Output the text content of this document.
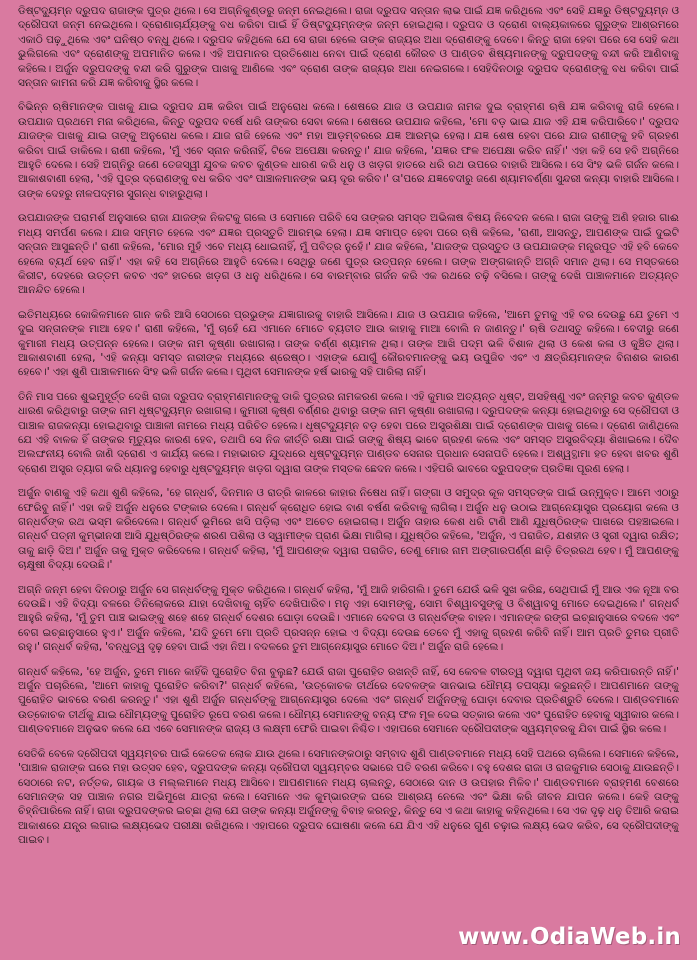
ଡିଷ୍ଟଦ୍ୟୁମ୍ନ ଦ୍ରୁପଦ ରାଜାଙ୍କ ପୁତ୍ର ଥିଲେ। ସେ ଅଗ୍ନିକୁଣ୍ଡରୁ ଜନ୍ମ ନେଇଥିଲେ। ରାଜା ଦ୍ରୁପଦ ସନ୍ତାନ ଲାଭ ପାଇଁ ଯଜ୍ଞ କରିଥିଲେ ଏବଂ ସେହି ଯଜ୍ଞରୁ ଡିଷ୍ଟଦ୍ୟୁମ୍ନ ଓ ଦ୍ରୌପଦୀ ଜନ୍ମ ନେଇଥିଲେ। ଦ୍ରୋଣାଚାର୍ଯ୍ୟଙ୍କୁ ବଧ କରିବା ପାଇଁ ହିଁ ଡିଷ୍ଟଦ୍ୟୁମ୍ନଙ୍କ ଜନ୍ମ ହୋଇଥିଲା। ଦ୍ରୁପଦ ଓ ଦ୍ରୋଣ ବାଲ୍ୟକାଳରେ ଗୁରୁଙ୍କ ଆଶ୍ରମରେ ଏକାଠି ପଢ଼ୁଥିଲେ ଏବଂ ଘନିଷ୍ଠ ବନ୍ଧୁ ଥିଲେ। ଦ୍ରୁପଦ କହିଥିଲେ ଯେ ସେ ରାଜା ହେଲେ ତାଙ୍କ ରାଜ୍ୟର ଅଧା ଦ୍ରୋଣଙ୍କୁ ଦେବେ। କିନ୍ତୁ ରାଜା ହେବା ପରେ ସେ ସେହି କଥା ଭୁଲିଗଲେ ଏବଂ ଦ୍ରୋଣଙ୍କୁ ଅପମାନିତ କଲେ। ଏହି ଅପମାନର ପ୍ରତିଶୋଧ ନେବା ପାଇଁ ଦ୍ରୋଣ କୌରବ ଓ ପାଣ୍ଡବ ଶିଷ୍ୟମାନଙ୍କୁ ଦ୍ରୁପଦଙ୍କୁ ବନ୍ଦୀ କରି ଆଣିବାକୁ କହିଲେ। ଅର୍ଜୁନ ଦ୍ରୁପଦଙ୍କୁ ବନ୍ଦୀ କରି ଗୁରୁଙ୍କ ପାଖକୁ ଆଣିଲେ ଏବଂ ଦ୍ରୋଣ ତାଙ୍କ ରାଜ୍ୟର ଅଧା ନେଇଗଲେ। ସେହିଦିନଠାରୁ ଦ୍ରୁପଦ ଦ୍ରୋଣଙ୍କୁ ବଧ କରିବା ପାଇଁ ସନ୍ତାନ କାମନା କରି ଯଜ୍ଞ କରିବାକୁ ସ୍ଥିର କଲେ।

ବିଭିନ୍ନ ଋଷିମାନଙ୍କ ପାଖକୁ ଯାଇ ଦ୍ରୁପଦ ଯଜ୍ଞ କରିବା ପାଇଁ ଅନୁରୋଧ କଲେ। ଶେଷରେ ଯାଜ ଓ ଉପଯାଜ ନାମକ ଦୁଇ ବ୍ରାହ୍ମଣ ଋଷି ଯଜ୍ଞ କରିବାକୁ ରାଜି ହେଲେ। ଉପଯାଜ ପ୍ରଥମେ ମନା କରିଥିଲେ, କିନ୍ତୁ ଦ୍ରୁପଦ ବର୍ଷେ ଧରି ତାଙ୍କର ସେବା କଲେ। ଶେଷରେ ଉପଯାଜ କହିଲେ, 'ମୋ ବଡ଼ ଭାଇ ଯାଜ ଏହି ଯଜ୍ଞ କରିପାରିବେ।' ଦ୍ରୁପଦ ଯାଜଙ୍କ ପାଖକୁ ଯାଇ ତାଙ୍କୁ ଅନୁରୋଧ କଲେ। ଯାଜ ରାଜି ହେଲେ ଏବଂ ମହା ଆଡ଼ମ୍ବରରେ ଯଜ୍ଞ ଆରମ୍ଭ ହେଲା। ଯଜ୍ଞ ଶେଷ ହେବା ପରେ ଯାଜ ରାଣୀଙ୍କୁ ହବି ଗ୍ରହଣ କରିବା ପାଇଁ ଡାକିଲେ। ରାଣୀ କହିଲେ, 'ମୁଁ ଏବେ ସ୍ନାନ କରିନାହିଁ, ଟିକେ ଅପେକ୍ଷା କରନ୍ତୁ।' ଯାଜ କହିଲେ, 'ଯଜ୍ଞର ଫଳ ଅପେକ୍ଷା କରିବ ନାହିଁ।' ଏହା କହି ସେ ହବି ଅଗ୍ନିରେ ଆହୁତି ଦେଲେ। ସେହି ଅଗ୍ନିରୁ ଜଣେ ତେଜସ୍ୱୀ ଯୁବକ କବଚ କୁଣ୍ଡଳ ଧାରଣ କରି ଧନୁ ଓ ଖଡ଼ଗ ହାତରେ ଧରି ରଥ ଉପରେ ବାହାରି ଆସିଲେ। ସେ ସିଂହ ଭଳି ଗର୍ଜନ କଲେ। ଆକାଶବାଣୀ ହେଲା, 'ଏହି ପୁତ୍ର ଦ୍ରୋଣଙ୍କୁ ବଧ କରିବ ଏବଂ ପାଞ୍ଚାଳମାନଙ୍କ ଭୟ ଦୂର କରିବ।' ତା'ପରେ ଯଜ୍ଞବେଦୀରୁ ଜଣେ ଶ୍ୟାମବର୍ଣ୍ଣା ସୁନ୍ଦରୀ କନ୍ୟା ବାହାରି ଆସିଲେ। ତାଙ୍କ ଦେହରୁ ନୀଳପଦ୍ମର ସୁଗନ୍ଧ ବାହାରୁଥିଲା।

ଉପଯାଜଙ୍କ ପରାମର୍ଶ ଅନୁସାରେ ରାଜା ଯାଜଙ୍କ ନିକଟକୁ ଗଲେ ଓ ସେମାନେ ପରିବି ସେ ତାଙ୍କର ସମସ୍ତ ଅଭିଳାଷ ବିଷୟ ନିବେଦନ କଲେ। ରାଜା ତାଙ୍କୁ ଅଣି ହଜାର ଗାଈ ମଧ୍ୟ ସମର୍ପଣ କଲେ। ଯାଜ ସମ୍ମତ ହେଲେ ଏବଂ ଯଜ୍ଞର ପ୍ରସ୍ତୁତି ଆରମ୍ଭ ହେଲା। ଯଜ୍ଞ ସମାପ୍ତ ହେବା ପରେ ଋଷି କହିଲେ, 'ରାଣୀ, ଆସନ୍ତୁ, ଆପଣଙ୍କ ପାଇଁ ଦୁଇଟି ସନ୍ତାନ ଆସୁଛନ୍ତି।' ରାଣୀ କହିଲେ, 'ମୋର ମୁହଁ ଏବେ ମଧ୍ୟ ଧୋଇନାହିଁ, ମୁଁ ପବିତ୍ର ନୁହେଁ।' ଯାଜ କହିଲେ, 'ଯାଜଙ୍କ ପ୍ରସ୍ତୁତ ଓ ଉପଯାଜଙ୍କ ମନ୍ତ୍ରପୂତ ଏହି ହବି କେବେ ହେଲେ ବ୍ୟର୍ଥ ହେବ ନାହିଁ।' ଏହା କହି ସେ ଅଗ୍ନିରେ ଆହୁତି ଦେଲେ। ସେଥିରୁ ଜଣେ ପୁତ୍ର ଉତ୍ପନ୍ନ ହେଲେ। ତାଙ୍କ ଅଙ୍ଗକାନ୍ତି ଅଗ୍ନି ସମାନ ଥିଲା। ସେ ମସ୍ତକରେ କିରୀଟ, ଦେହରେ ଉତ୍ତମ କବଚ ଏବଂ ହାତରେ ଖଡ଼ଗ ଓ ଧନୁ ଧରିଥିଲେ। ସେ ବାରମ୍ବାର ଗର୍ଜନ କରି ଏକ ରଥରେ ଚଢ଼ି ବସିଲେ। ତାଙ୍କୁ ଦେଖି ପାଞ୍ଚାଳମାନେ ଅତ୍ୟନ୍ତ ଆନନ୍ଦିତ ହେଲେ।

ଇତିମଧ୍ୟରେ କୋକିଳମାନେ ଗାନ କରି ଆସି ସେଠାରେ ପ୍ରଭୁଙ୍କ ଯଜ୍ଞାଗାରକୁ ବାହାରି ଆସିଲେ। ଯାଜ ଓ ଉପଯାଜ କହିଲେ, 'ଆମେ ତୁମକୁ ଏହି ବର ଦେଉଛୁ ଯେ ତୁମେ ଏ ଦୁଇ ସନ୍ତାନଙ୍କ ମାଆ ହେବ।' ରାଣୀ କହିଲେ, 'ମୁଁ ଚାହେଁ ଯେ ଏମାନେ ମୋତେ ବ୍ୟତୀତ ଆଉ କାହାକୁ ମାଆ ବୋଲି ନ ଜାଣନ୍ତୁ।' ଋଷି ତଥାସ୍ତୁ କହିଲେ। ବେଦୀରୁ ଜଣେ କୁମାରୀ ମଧ୍ୟ ଉତ୍ପନ୍ନ ହେଲେ। ତାଙ୍କ ନାମ କୃଷ୍ଣା ରଖାଗଲା। ତାଙ୍କ ବର୍ଣ୍ଣ ଶ୍ୟାମଳ ଥିଲା। ତାଙ୍କ ଆଖି ପଦ୍ମ ଭଳି ବିଶାଳ ଥିଲା ଓ କେଶ କଳା ଓ କୁଞ୍ଚିତ ଥିଲା। ଆକାଶବାଣୀ ହେଲା, 'ଏହି କନ୍ୟା ସମସ୍ତ ନାରୀଙ୍କ ମଧ୍ୟରେ ଶ୍ରେଷ୍ଠ। ଏହାଙ୍କ ଯୋଗୁଁ କୌରବମାନଙ୍କୁ ଭୟ ଉପୁଜିବ ଏବଂ ଏ କ୍ଷତ୍ରିୟମାନଙ୍କ ବିନାଶର କାରଣ ହେବେ।' ଏହା ଶୁଣି ପାଞ୍ଚାଳମାନେ ସିଂହ ଭଳି ଗର୍ଜନ କଲେ। ପୃଥିବୀ ସେମାନଙ୍କ ହର୍ଷ ଭାରକୁ ସହି ପାରିଲା ନାହିଁ।

ତିନି ମାସ ପରେ ଶୁଭମୁହୂର୍ତ୍ତ ଦେଖି ରାଜା ଦ୍ରୁପଦ ବ୍ରାହ୍ମଣମାନଙ୍କୁ ଡାକି ପୁତ୍ରର ନାମକରଣ କଲେ। ଏହି କୁମାର ଅତ୍ୟନ୍ତ ଧୃଷ୍ଟ, ଅସହିଷ୍ଣୁ ଏବଂ ଜନ୍ମରୁ କବଚ କୁଣ୍ଡଳ ଧାରଣ କରିଥିବାରୁ ତାଙ୍କ ନାମ ଧୃଷ୍ଟଦ୍ୟୁମ୍ନ ରଖାଗଲା। କୁମାରୀ କୃଷ୍ଣ ବର୍ଣ୍ଣର ଥିବାରୁ ତାଙ୍କ ନାମ କୃଷ୍ଣା ରଖାଗଲା। ଦ୍ରୁପଦଙ୍କ କନ୍ୟା ହୋଇଥିବାରୁ ସେ ଦ୍ରୌପଦୀ ଓ ପାଞ୍ଚାଳ ରାଜକନ୍ୟା ହୋଇଥିବାରୁ ପାଞ୍ଚାଳୀ ନାମରେ ମଧ୍ୟ ପରିଚିତ ହେଲେ। ଧୃଷ୍ଟଦ୍ୟୁମ୍ନ ବଡ଼ ହେବା ପରେ ଅସ୍ତ୍ରଶିକ୍ଷା ପାଇଁ ଦ୍ରୋଣଙ୍କ ପାଖକୁ ଗଲେ। ଦ୍ରୋଣ ଜାଣିଥିଲେ ଯେ ଏହି ବାଳକ ହିଁ ତାଙ୍କର ମୃତ୍ୟୁର କାରଣ ହେବ, ତଥାପି ସେ ନିଜ କୀର୍ତ୍ତି ରକ୍ଷା ପାଇଁ ତାଙ୍କୁ ଶିଷ୍ୟ ଭାବେ ଗ୍ରହଣ କଲେ ଏବଂ ସମସ୍ତ ଅସ୍ତ୍ରବିଦ୍ୟା ଶିଖାଇଲେ। ଦୈବ ଅଲଙ୍ଘନୀୟ ବୋଲି ଜାଣି ଦ୍ରୋଣ ଏ କାର୍ଯ୍ୟ କଲେ। ମହାଭାରତ ଯୁଦ୍ଧରେ ଧୃଷ୍ଟଦ୍ୟୁମ୍ନ ପାଣ୍ଡବ ସେନାର ପ୍ରଧାନ ସେନାପତି ହେଲେ। ଅଶ୍ୱତ୍ଥାମା ହତ ହେବା ଖବର ଶୁଣି ଦ୍ରୋଣ ଅସ୍ତ୍ର ତ୍ୟାଗ କରି ଧ୍ୟାନସ୍ଥ ହେବାରୁ ଧୃଷ୍ଟଦ୍ୟୁମ୍ନ ଖଡ଼ଗ ଦ୍ୱାରା ତାଙ୍କ ମସ୍ତକ ଛେଦନ କଲେ। ଏହିପରି ଭାବରେ ଦ୍ରୁପଦଙ୍କ ପ୍ରତିଜ୍ଞା ପୂରଣ ହେଲା।

ଅର୍ଜୁନ ବାଣକୁ ଏହି କଥା ଶୁଣି କହିଲେ, 'ହେ ଗନ୍ଧର୍ବ, ଦିନମାନ ଓ ରାତ୍ରି କାଳରେ କାହାର ନିଷେଧ ନାହିଁ। ଗଙ୍ଗା ଓ ସମୁଦ୍ର କୂଳ ସମସ୍ତଙ୍କ ପାଇଁ ଉନ୍ମୁକ୍ତ। ଆମେ ଏଠାରୁ ଫେରିବୁ ନାହିଁ।' ଏହା କହି ଅର୍ଜୁନ ଧନୁରେ ଟଙ୍କାର ଦେଲେ। ଗନ୍ଧର୍ବ କ୍ରୋଧିତ ହୋଇ ବାଣ ବର୍ଷଣ କରିବାକୁ ଲାଗିଲା। ଅର୍ଜୁନ ଧନୁ ଉଠାଇ ଆଗ୍ନେୟାସ୍ତ୍ର ପ୍ରୟୋଗ କଲେ ଓ ଗନ୍ଧର୍ବଙ୍କ ରଥ ଭସ୍ମ କରିଦେଲେ। ଗନ୍ଧର୍ବ ଭୂମିରେ ଖସି ପଡ଼ିଲା ଏବଂ ଅଚେତ ହୋଇଗଲା। ଅର୍ଜୁନ ତାହାର କେଶ ଧରି ଟାଣି ଆଣି ଯୁଧିଷ୍ଠିରଙ୍କ ପାଖରେ ପହଞ୍ଚାଇଲେ। ଗନ୍ଧର୍ବ ପତ୍ନୀ କୁମ୍ଭୀନସୀ ଆସି ଯୁଧିଷ୍ଠିରଙ୍କ ଶରଣ ପଶିଲା ଓ ସ୍ୱାମୀଙ୍କ ପ୍ରାଣ ଭିକ୍ଷା ମାଗିଲା। ଯୁଧିଷ୍ଠିର କହିଲେ, 'ଅର୍ଜୁନ, ଏ ପରାଜିତ, ଯଶହୀନ ଓ ସ୍ତ୍ରୀ ଦ୍ୱାରା ରକ୍ଷିତ; ତାକୁ ଛାଡ଼ି ଦିଅ।' ଅର୍ଜୁନ ତାକୁ ମୁକ୍ତ କରିଦେଲେ। ଗନ୍ଧର୍ବ କହିଲା, 'ମୁଁ ଆପଣଙ୍କ ଦ୍ୱାରା ପରାଜିତ, ତେଣୁ ମୋର ନାମ ଅଙ୍ଗାରପର୍ଣ୍ଣ ଛାଡ଼ି ଚିତ୍ରରଥ ହେବ। ମୁଁ ଆପଣଙ୍କୁ ଚାକ୍ଷୁଷୀ ବିଦ୍ୟା ଦେଉଛି।'

ଅଗ୍ନି ଜନ୍ମ ହେବା ଦିନଠାରୁ ଅର୍ଜୁନ ସେ ଗନ୍ଧର୍ବଙ୍କୁ ମୁକ୍ତ କରିଥିଲେ। ଗନ୍ଧର୍ବ କହିଲା, 'ମୁଁ ଆଜି ହାରିଗଲି। ତୁମେ ଯେଉଁ ଭଳି ସୁଖ କରିଛ, ସେଥିପାଇଁ ମୁଁ ଆଉ ଏକ ନୂଆ ବର ଦେଉଛି। ଏହି ବିଦ୍ୟା ବଳରେ ତିନିଲୋକରେ ଯାହା ଦେଖିବାକୁ ଚାହିଁବ ଦେଖିପାରିବ। ମନୁ ଏହା ସୋମଙ୍କୁ, ସୋମ ବିଶ୍ୱାବସୁଙ୍କୁ ଓ ବିଶ୍ୱାବସୁ ମୋତେ ଦେଇଥିଲେ।' ଗନ୍ଧର୍ବ ଆହୁରି କହିଲା, 'ମୁଁ ତୁମ ପାଞ୍ଚ ଭାଇଙ୍କୁ ଶହେ ଶହେ ଗନ୍ଧର୍ବ ଦେଶର ଘୋଡ଼ା ଦେଉଛି। ଏମାନେ ଦେବତା ଓ ଗନ୍ଧର୍ବଙ୍କ ବାହନ। ଏମାନଙ୍କ ରଙ୍ଗ ଇଚ୍ଛାନୁସାରେ ବଦଳେ ଏବଂ ବେଗ ଇଚ୍ଛାନୁସାରେ ହୁଏ।' ଅର୍ଜୁନ କହିଲେ, 'ଯଦି ତୁମେ ମୋ ପ୍ରତି ପ୍ରସନ୍ନ ହୋଇ ଏ ବିଦ୍ୟା ଦେଉଛ ତେବେ ମୁଁ ଏହାକୁ ଗ୍ରହଣ କରିବି ନାହିଁ। ଆମ ପ୍ରତି ତୁମର ପ୍ରୀତି ରହୁ।' ଗନ୍ଧର୍ବ କହିଲା, 'ବନ୍ଧୁତ୍ୱ ଦୃଢ଼ ହେବା ପାଇଁ ଏହା ନିଅ। ବଦଳରେ ତୁମ ଆଗ୍ନେୟାସ୍ତ୍ର ମୋତେ ଦିଅ।' ଅର୍ଜୁନ ରାଜି ହେଲେ।

ଗନ୍ଧର୍ବ କହିଲେ, 'ହେ ଅର୍ଜୁନ, ତୁମେ ମାନେ କାହିଁକି ପୁରୋହିତ ବିନା ବୁଲୁଛ? ଯେଉଁ ରାଜା ପୁରୋହିତ ରଖନ୍ତି ନାହିଁ, ସେ କେବଳ ବୀରତ୍ୱ ଦ୍ୱାରା ପୃଥିବୀ ଜୟ କରିପାରନ୍ତି ନାହିଁ।' ଅର୍ଜୁନ ପଚାରିଲେ, 'ଆମେ କାହାକୁ ପୁରୋହିତ କରିବା?' ଗନ୍ଧର୍ବ କହିଲେ, 'ଉତ୍କୋଚକ ତୀର୍ଥରେ ଦେବଳଙ୍କ ସାନଭାଇ ଧୌମ୍ୟ ତପସ୍ୟା କରୁଛନ୍ତି। ଆପଣମାନେ ତାଙ୍କୁ ପୁରୋହିତ ଭାବରେ ବରଣ କରନ୍ତୁ।' ଏହା ଶୁଣି ଅର୍ଜୁନ ଗନ୍ଧର୍ବଙ୍କୁ ଆଗ୍ନେୟାସ୍ତ୍ର ଦେଲେ ଏବଂ ଗନ୍ଧର୍ବ ଅର୍ଜୁନଙ୍କୁ ଘୋଡ଼ା ଦେବାର ପ୍ରତିଶ୍ରୁତି ଦେଲେ। ପାଣ୍ଡବମାନେ ଉତ୍କୋଚକ ତୀର୍ଥକୁ ଯାଇ ଧୌମ୍ୟଙ୍କୁ ପୁରୋହିତ ରୂପେ ବରଣ କଲେ। ଧୌମ୍ୟ ସେମାନଙ୍କୁ ବନ୍ୟ ଫଳ ମୂଳ ଦେଇ ସତ୍କାର କଲେ ଏବଂ ପୁରୋହିତ ହେବାକୁ ସ୍ୱୀକାର କଲେ। ପାଣ୍ଡବମାନେ ଅନୁଭବ କଲେ ଯେ ଏବେ ସେମାନଙ୍କ ରାଜ୍ୟ ଓ ଲକ୍ଷ୍ମୀ ଫେରି ପାଇବା ନିଶ୍ଚିତ। ଏହାପରେ ସେମାନେ ଦ୍ରୌପଦୀଙ୍କ ସ୍ୱୟମ୍ବରକୁ ଯିବା ପାଇଁ ସ୍ଥିର କଲେ।

ସେତିକି ବେଳେ ଦ୍ରୌପଦୀ ସ୍ୱୟମ୍ବର ପାଇଁ କେତେକ ଲୋକ ଯାଉ ଥିଲେ। ସେମାନଙ୍କଠାରୁ ସମ୍ବାଦ ଶୁଣି ପାଣ୍ଡବମାନେ ମଧ୍ୟ ସେହି ପଥରେ ଚାଲିଲେ। ସେମାନେ କହିଲେ, 'ପାଞ୍ଚାଳ ରାଜାଙ୍କ ଘରେ ମହା ଉତ୍ସବ ହେବ, ଦ୍ରୁପଦଙ୍କ କନ୍ୟା ଦ୍ରୌପଦୀ ସ୍ୱୟମ୍ବର ସଭାରେ ପତି ବରଣ କରିବେ। ବହୁ ଦେଶର ରାଜା ଓ ରାଜକୁମାର ସେଠାକୁ ଯାଉଛନ୍ତି। ସେଠାରେ ନଟ, ନର୍ତ୍ତକ, ଗାୟକ ଓ ମଲ୍ଲମାନେ ମଧ୍ୟ ଆସିବେ। ଆପଣମାନେ ମଧ୍ୟ ଚାଲନ୍ତୁ, ସେଠାରେ ଦାନ ଓ ଉପହାର ମିଳିବ।' ପାଣ୍ଡବମାନେ ବ୍ରାହ୍ମଣ ବେଶରେ ସେମାନଙ୍କ ସହ ପାଞ୍ଚାଳ ନଗର ଅଭିମୁଖେ ଯାତ୍ରା କଲେ। ସେମାନେ ଏକ କୁମ୍ଭାରଙ୍କ ଘରେ ଆଶ୍ରୟ ନେଲେ ଏବଂ ଭିକ୍ଷା କରି ଜୀବନ ଯାପନ କଲେ। କେହି ତାଙ୍କୁ ଚିହ୍ନିପାରିଲେ ନାହିଁ। ରାଜା ଦ୍ରୁପଦଙ୍କର ଇଚ୍ଛା ଥିଲା ଯେ ତାଙ୍କ କନ୍ୟା ଅର୍ଜୁନଙ୍କୁ ବିବାହ କରନ୍ତୁ, କିନ୍ତୁ ସେ ଏ କଥା କାହାକୁ କହିନଥିଲେ। ସେ ଏକ ଦୃଢ଼ ଧନୁ ତିଆରି କରାଇ ଆକାଶରେ ଯନ୍ତ୍ର ଲଗାଇ ଲକ୍ଷ୍ୟଭେଦ ପରୀକ୍ଷା ରଖିଥିଲେ। ଏହାପରେ ଦ୍ରୁପଦ ଘୋଷଣା କଲେ ଯେ ଯିଏ ଏହି ଧନୁରେ ଗୁଣ ଚଢ଼ାଇ ଲକ୍ଷ୍ୟ ଭେଦ କରିବ, ସେ ଦ୍ରୌପଦୀଙ୍କୁ ପାଇବ।

www.OdiaWeb.in
